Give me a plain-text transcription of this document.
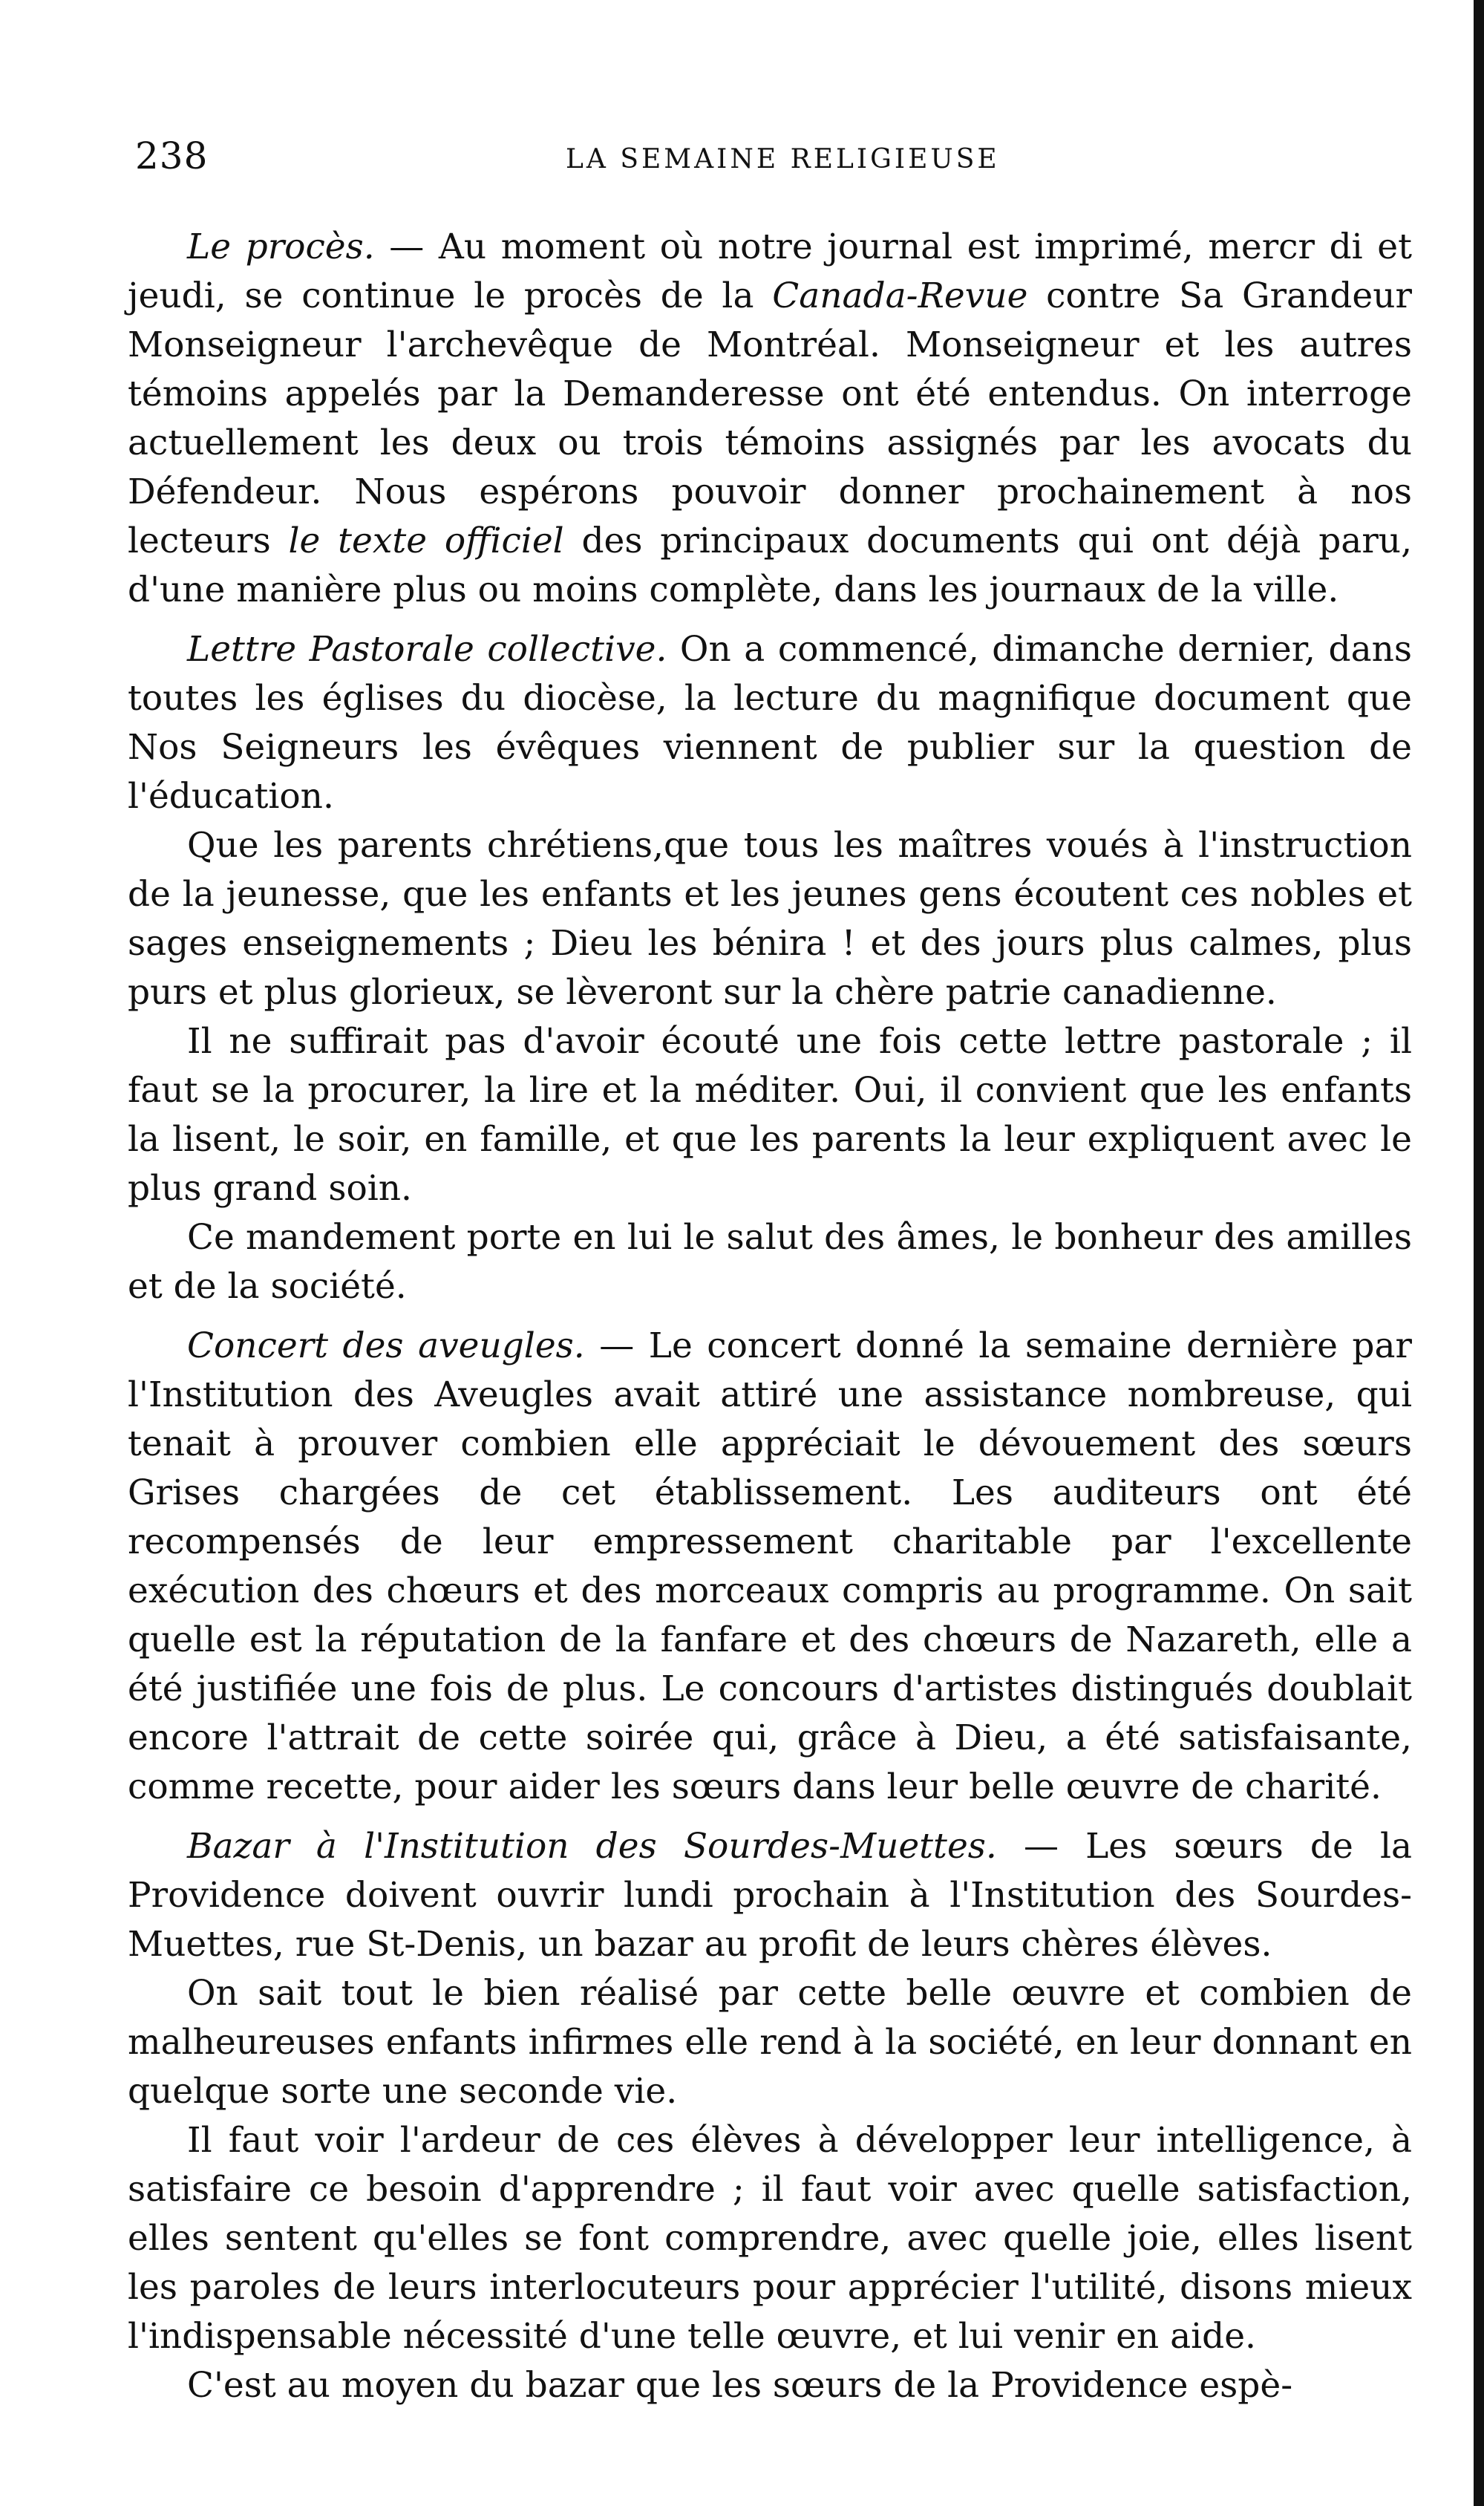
238	LA SEMAINE RELIGIEUSE

Le procès. — Au moment où notre journal est imprimé, mercr di et jeudi, se continue le procès de la Canada-Revue contre Sa Grandeur Monseigneur l'archevêque de Montréal. Monseigneur et les autres témoins appelés par la Demanderesse ont été entendus. On interroge actuellement les deux ou trois témoins assignés par les avocats du Défendeur. Nous espérons pouvoir donner prochainement à nos lecteurs le texte officiel des principaux documents qui ont déjà paru, d'une manière plus ou moins complète, dans les journaux de la ville.

Lettre Pastorale collective. On a commencé, dimanche dernier, dans toutes les églises du diocèse, la lecture du magnifique document que Nos Seigneurs les évêques viennent de publier sur la question de l'éducation.

Que les parents chrétiens,que tous les maîtres voués à l'instruction de la jeunesse, que les enfants et les jeunes gens écoutent ces nobles et sages enseignements ; Dieu les bénira ! et des jours plus calmes, plus purs et plus glorieux, se lèveront sur la chère patrie canadienne.

Il ne suffirait pas d'avoir écouté une fois cette lettre pastorale ; il faut se la procurer, la lire et la méditer. Oui, il convient que les enfants la lisent, le soir, en famille, et que les parents la leur expliquent avec le plus grand soin.

Ce mandement porte en lui le salut des âmes, le bonheur des amilles et de la société.

Concert des aveugles. — Le concert donné la semaine dernière par l'Institution des Aveugles avait attiré une assistance nombreuse, qui tenait à prouver combien elle appréciait le dévouement des sœurs Grises chargées de cet établissement. Les auditeurs ont été recompensés de leur empressement charitable par l'excellente exécution des chœurs et des morceaux compris au programme. On sait quelle est la réputation de la fanfare et des chœurs de Nazareth, elle a été justifiée une fois de plus. Le concours d'artistes distingués doublait encore l'attrait de cette soirée qui, grâce à Dieu, a été satisfaisante, comme recette, pour aider les sœurs dans leur belle œuvre de charité.

Bazar à l'Institution des Sourdes-Muettes. — Les sœurs de la Providence doivent ouvrir lundi prochain à l'Institution des Sourdes-Muettes, rue St-Denis, un bazar au profit de leurs chères élèves.

On sait tout le bien réalisé par cette belle œuvre et combien de malheureuses enfants infirmes elle rend à la société, en leur donnant en quelque sorte une seconde vie.

Il faut voir l'ardeur de ces élèves à développer leur intelligence, à satisfaire ce besoin d'apprendre ; il faut voir avec quelle satisfaction, elles sentent qu'elles se font comprendre, avec quelle joie, elles lisent les paroles de leurs interlocuteurs pour apprécier l'utilité, disons mieux l'indispensable nécessité d'une telle œuvre, et lui venir en aide.

C'est au moyen du bazar que les sœurs de la Providence espè-
